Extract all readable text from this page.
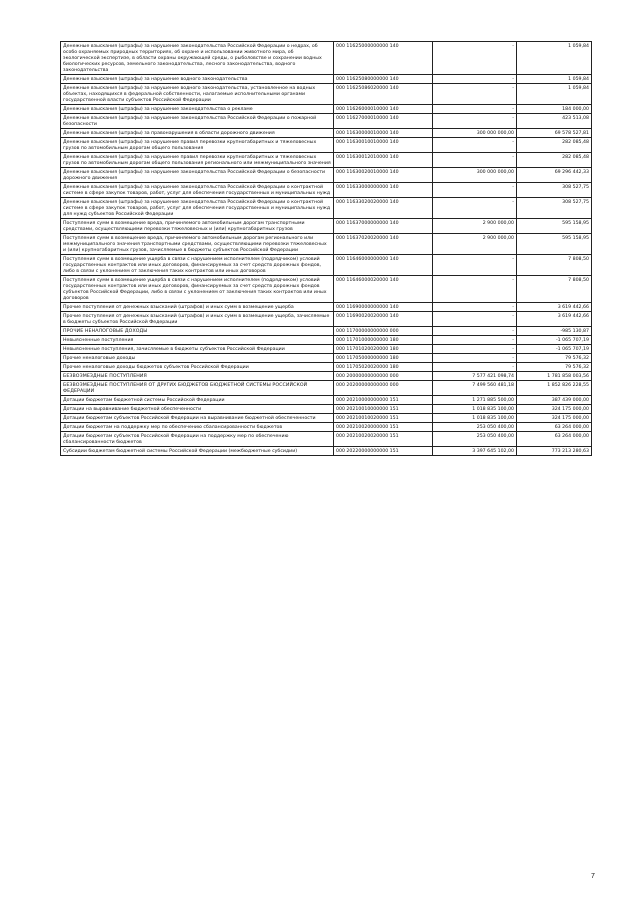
Денежные взыскания (штрафы) за нарушение законодательства Российской Федерации о недрах, об особо охраняемых природных территориях, об охране и использовании животного мира, об экологической экспертизе, в области охраны окружающей среды, о рыболовстве и сохранении водных биологических ресурсов, земельного законодательства, лесного законодательства, водного законодательства	000 11625000000000 140	-	1 059,84
Денежные взыскания (штрафы) за нарушение водного законодательства	000 11625080000000 140	-	1 059,84
Денежные взыскания (штрафы) за нарушение водного законодательства, установленное на водных объектах, находящихся в федеральной собственности, налагаемые исполнительными органами государственной власти субъектов Российской Федерации	000 11625086020000 140	-	1 059,84
Денежные взыскания (штрафы) за нарушение законодательства о рекламе	000 11626000010000 140	-	184 000,00
Денежные взыскания (штрафы) за нарушение законодательства Российской Федерации о пожарной безопасности	000 11627000010000 140	-	423 513,08
Денежные взыскания (штрафы) за правонарушения в области дорожного движения	000 11630000010000 140	300 000 000,00	69 578 527,81
Денежные взыскания (штрафы) за нарушение правил перевозки крупногабаритных и тяжеловесных грузов по автомобильным дорогам общего пользования	000 11630010010000 140	-	282 085,48
Денежные взыскания (штрафы) за нарушение правил перевозки крупногабаритных и тяжеловесных грузов по автомобильным дорогам общего пользования регионального или межмуниципального значения	000 11630012010000 140	-	282 085,48
Денежные взыскания (штрафы) за нарушение законодательства Российской Федерации о безопасности дорожного движения	000 11630020010000 140	300 000 000,00	69 296 442,33
Денежные взыскания (штрафы) за нарушение законодательства Российской Федерации о контрактной системе в сфере закупок товаров, работ, услуг для обеспечения государственных и муниципальных нужд	000 11633000000000 140	-	308 527,75
Денежные взыскания (штрафы) за нарушение законодательства Российской Федерации о контрактной системе в сфере закупок товаров, работ, услуг для обеспечения государственных и муниципальных нужд для нужд субъектов Российской Федерации	000 11633020020000 140	-	308 527,75
Поступления сумм в возмещение вреда, причиняемого автомобильным дорогам транспортными средствами, осуществляющими перевозки тяжеловесных и (или) крупногабаритных грузов	000 11637000000000 140	2 900 000,00	595 158,95
Поступления сумм в возмещение вреда, причиняемого автомобильным дорогам регионального или межмуниципального значения транспортными средствами, осуществляющими перевозки тяжеловесных и (или) крупногабаритных грузов, зачисляемые в бюджеты субъектов Российской Федерации	000 11637020020000 140	2 900 000,00	595 158,95
Поступления сумм в возмещение ущерба в связи с нарушением исполнителем (подрядчиком) условий государственных контрактов или иных договоров, финансируемых за счет средств дорожных фондов, либо в связи с уклонением от заключения таких контрактов или иных договоров	000 11646000000000 140	-	7 808,50
Поступления сумм в возмещение ущерба в связи с нарушением исполнителем (подрядчиком) условий государственных контрактов или иных договоров, финансируемых за счет средств дорожных фондов субъектов Российской Федерации, либо в связи с уклонением от заключения таких контрактов или иных договоров	000 11646000020000 140	-	7 808,50
Прочие поступления от денежных взысканий (штрафов) и иных сумм в возмещение ущерба	000 11690000000000 140	-	3 619 442,66
Прочие поступления от денежных взысканий (штрафов) и иных сумм в возмещение ущерба, зачисляемые в бюджеты субъектов Российской Федерации	000 11690020020000 140	-	3 619 442,66
ПРОЧИЕ НЕНАЛОГОВЫЕ ДОХОДЫ	000 11700000000000 000	-	-985 130,87
Невыясненные поступления	000 11701000000000 180	-	-1 065 707,19
Невыясненные поступления, зачисляемые в бюджеты субъектов Российской Федерации	000 11701020020000 180	-	-1 065 707,19
Прочие неналоговые доходы	000 11705000000000 180	-	79 576,32
Прочие неналоговые доходы бюджетов субъектов Российской Федерации	000 11705020020000 180	-	79 576,32
БЕЗВОЗМЕЗДНЫЕ ПОСТУПЛЕНИЯ	000 20000000000000 000	7 577 421 098,74	1 781 858 003,56
БЕЗВОЗМЕЗДНЫЕ ПОСТУПЛЕНИЯ ОТ ДРУГИХ БЮДЖЕТОВ БЮДЖЕТНОЙ СИСТЕМЫ РОССИЙСКОЙ ФЕДЕРАЦИИ	000 20200000000000 000	7 499 560 481,18	1 852 826 228,55
Дотации бюджетам бюджетной системы Российской Федерации	000 20210000000000 151	1 271 885 500,00	387 439 000,00
Дотации на выравнивание бюджетной обеспеченности	000 20210010000000 151	1 018 835 100,00	324 175 000,00
Дотации бюджетам субъектов Российской Федерации на выравнивание бюджетной обеспеченности	000 20210010020000 151	1 018 835 100,00	324 175 000,00
Дотации бюджетам на поддержку мер по обеспечению сбалансированности бюджетов	000 20210020000000 151	253 050 400,00	63 264 000,00
Дотации бюджетам субъектов Российской Федерации на поддержку мер по обеспечению сбалансированности бюджетов	000 20210020020000 151	253 050 400,00	63 264 000,00
Субсидии бюджетам бюджетной системы Российской Федерации (межбюджетные субсидии)	000 20220000000000 151	3 397 645 102,00	773 213 280,63
7
